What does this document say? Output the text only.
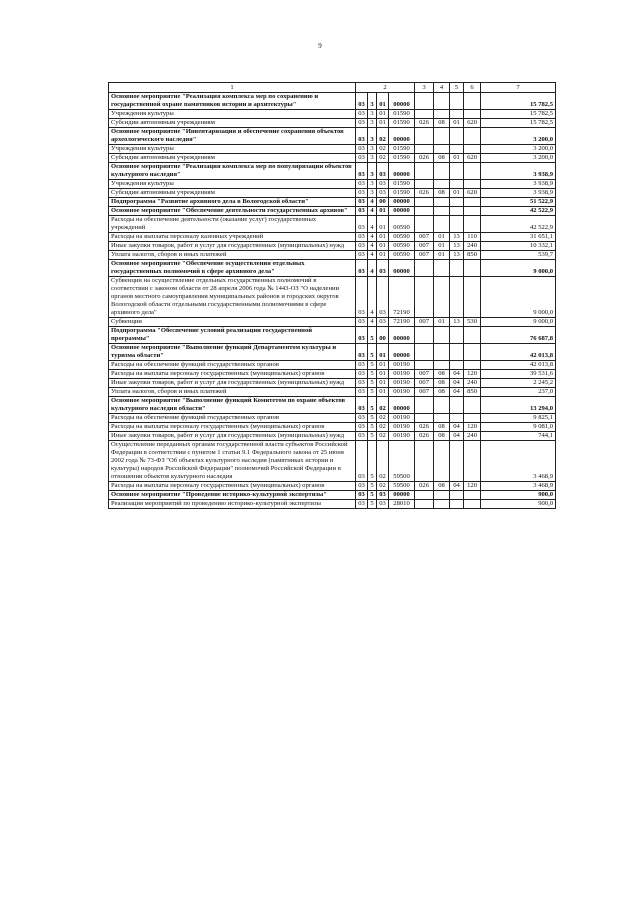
9
1	2				3	4	5	6	7
Основное мероприятие "Реализация комплекса мер по сохранению и государственной охране памятников истории и архитектуры"	03	3	01	00000					15 782,5
Учреждения культуры	03	3	01	01590					15 782,5
Субсидии автономным учреждениям	03	3	01	01590	026	08	01	620	15 782,5
Основное мероприятие "Инвентаризация и обеспечение сохранения объектов археологического наследия"	03	3	02	00000					3 200,0
Учреждения культуры	03	3	02	01590					3 200,0
Субсидии автономным учреждениям	03	3	02	01590	026	08	01	620	3 200,0
Основное мероприятие "Реализация комплекса мер по популяризации объектов культурного наследия"	03	3	03	00000					3 938,9
Учреждения культуры	03	3	03	01590					3 938,9
Субсидии автономным учреждениям	03	3	03	01590	026	08	01	620	3 938,9
Подпрограмма "Развитие архивного дела в Вологодской области"	03	4	00	00000					51 522,9
Основное мероприятие "Обеспечение деятельности государственных архивов"	03	4	01	00000					42 522,9
Расходы на обеспечение деятельности (оказание услуг) государственных учреждений	03	4	01	00590					42 522,9
Расходы на выплаты персоналу казенных учреждений	03	4	01	00590	007	01	13	110	31 651,1
Иные закупки товаров, работ и услуг для государственных (муниципальных) нужд	03	4	01	00590	007	01	13	240	10 332,1
Уплата налогов, сборов и иных платежей	03	4	01	00590	007	01	13	850	539,7
Основное мероприятие "Обеспечение осуществления отдельных государственных полномочий в сфере архивного дела"	03	4	03	00000					9 000,0
Субвенции на осуществление отдельных государственных полномочий в соответствии с законом области от 28 апреля 2006 года № 1443-ОЗ "О наделении органов местного самоуправления муниципальных районов и городских округов Вологодской области отдельными государственными полномочиями в сфере архивного дела"	03	4	03	72190					9 000,0
Субвенции	03	4	03	72190	007	01	13	530	9 000,0
Подпрограмма "Обеспечение условий реализации государственной программы"	03	5	00	00000					76 687,8
Основное мероприятие "Выполнение функций Департаментом культуры и туризма области"	03	5	01	00000					42 013,8
Расходы на обеспечение функций государственных органов	03	5	01	00190					42 013,8
Расходы на выплаты персоналу государственных (муниципальных) органов	03	5	01	00190	007	08	04	120	39 531,6
Иные закупки товаров, работ и услуг для государственных (муниципальных) нужд	03	5	01	00190	007	08	04	240	2 245,2
Уплата налогов, сборов и иных платежей	03	5	01	00190	007	08	04	850	237,0
Основное мероприятие "Выполнение функций Комитетом по охране объектов культурного наследия области"	03	5	02	00000					13 294,0
Расходы на обеспечение функций государственных органов	03	5	02	00190					9 825,1
Расходы на выплаты персоналу государственных (муниципальных) органов	03	5	02	00190	026	08	04	120	9 081,0
Иные закупки товаров, работ и услуг для государственных (муниципальных) нужд	03	5	02	00190	026	08	04	240	744,1
Осуществление переданных органам государственной власти субъектов Российской Федерации в соответствии с пунктом 1 статьи 9.1 Федерального закона от 25 июня 2002 года № 73-ФЗ "Об объектах культурного наследия (памятниках истории и культуры) народов Российской Федерации" полномочий Российской Федерации в отношении объектов культурного наследия	03	5	02	59500					3 468,9
Расходы на выплаты персоналу государственных (муниципальных) органов	03	5	02	59500	026	08	04	120	3 468,9
Основное мероприятие "Проведение историко-культурной экспертизы"	03	5	03	00000					900,0
Реализация мероприятий по проведению историко-культурной экспертизы	03	5	03	28010					900,0
